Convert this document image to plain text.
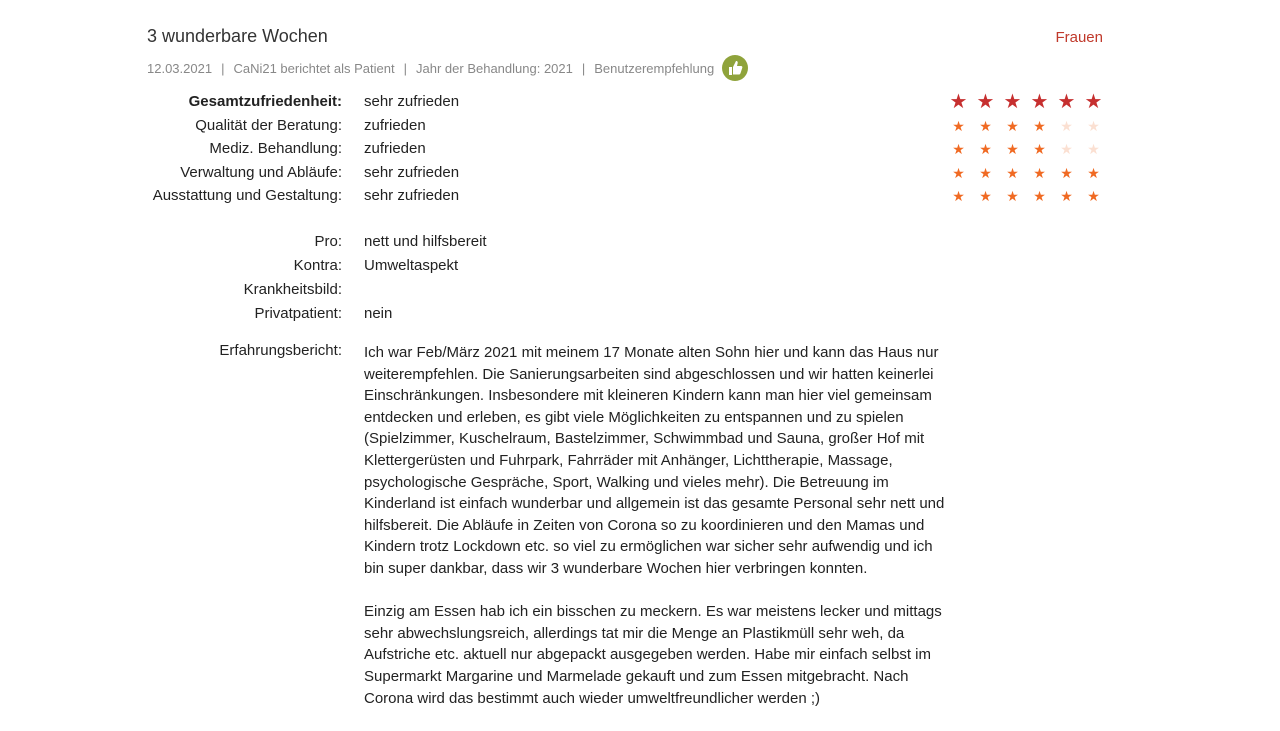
3 wunderbare Wochen	Frauen
12.03.2021 | CaNi21 berichtet als Patient | Jahr der Behandlung: 2021 | Benutzerempfehlung
Gesamtzufriedenheit: sehr zufrieden	★ ★ ★ ★ ★ ★
Qualität der Beratung: zufrieden	★	★	★	★	★	★
Mediz. Behandlung: zufrieden	★	★	★	★	★	★
Verwaltung und Abläufe: sehr zufrieden	★	★	★	★	★	★
Ausstattung und Gestaltung: sehr zufrieden	★	★	★	★	★	★
Pro: nett und hilfsbereit
Kontra: Umweltaspekt
Krankheitsbild:
Privatpatient: nein
Erfahrungsbericht: Ich war Feb/März 2021 mit meinem 17 Monate alten Sohn hier und kann das Haus nur weiterempfehlen. Die Sanierungsarbeiten sind abgeschlossen und wir hatten keinerlei Einschränkungen. Insbesondere mit kleineren Kindern kann man hier viel gemeinsam entdecken und erleben, es gibt viele Möglichkeiten zu entspannen und zu spielen (Spielzimmer, Kuschelraum, Bastelzimmer, Schwimmbad und Sauna, großer Hof mit Klettergerüsten und Fuhrpark, Fahrräder mit Anhänger, Lichttherapie, Massage, psychologische Gespräche, Sport, Walking und vieles mehr). Die Betreuung im Kinderland ist einfach wunderbar und allgemein ist das gesamte Personal sehr nett und hilfsbereit. Die Abläufe in Zeiten von Corona so zu koordinieren und den Mamas und Kindern trotz Lockdown etc. so viel zu ermöglichen war sicher sehr aufwendig und ich bin super dankbar, dass wir 3 wunderbare Wochen hier verbringen konnten.

Einzig am Essen hab ich ein bisschen zu meckern. Es war meistens lecker und mittags sehr abwechslungsreich, allerdings tat mir die Menge an Plastikmüll sehr weh, da Aufstriche etc. aktuell nur abgepackt ausgegeben werden. Habe mir einfach selbst im Supermarkt Margarine und Marmelade gekauft und zum Essen mitgebracht. Nach Corona wird das bestimmt auch wieder umweltfreundlicher werden ;)
